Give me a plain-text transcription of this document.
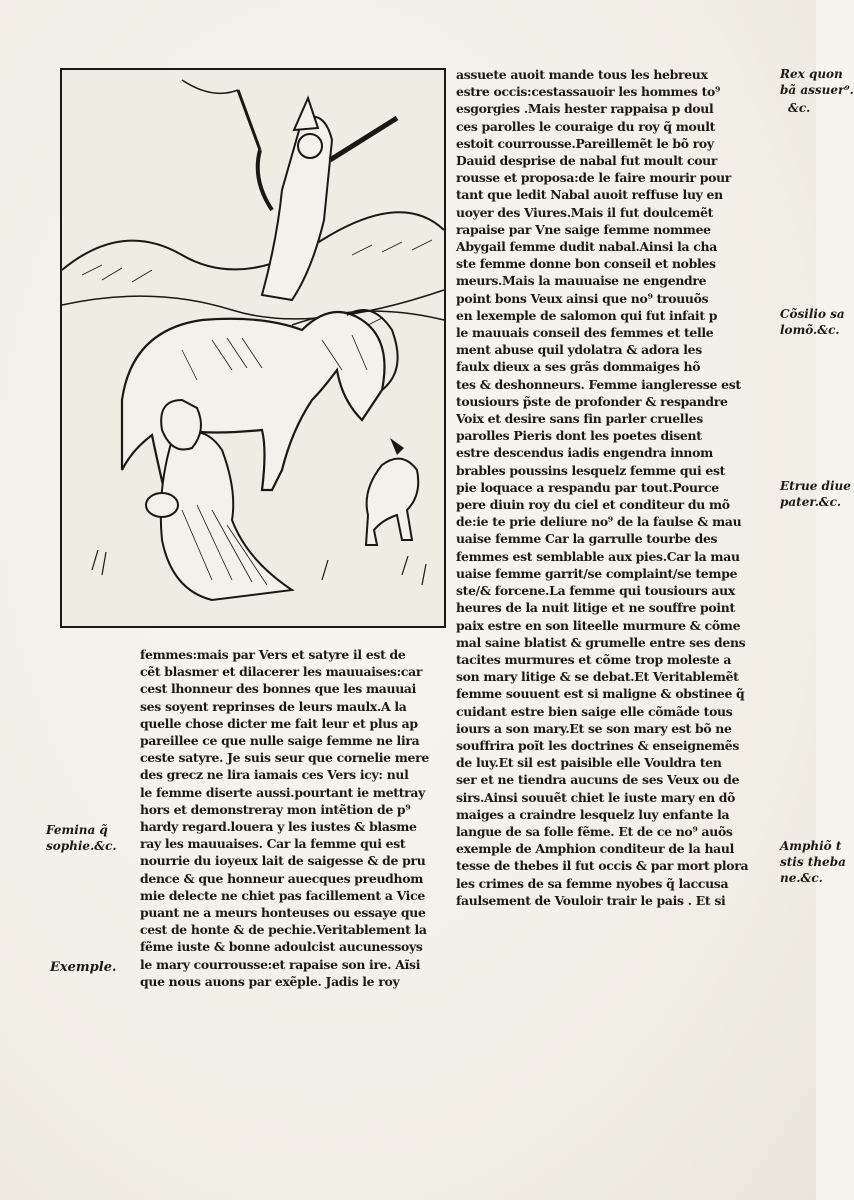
assuete auoit mande tous les hebreux
estre occis:cestassauoir les hommes to⁹
esgorgies .Mais hester rappaisa p doul
ces parolles le couraige du roy q̃ moult
estoit courrousse.Pareillemẽt le bõ roy
Dauid desprise de nabal fut moult cour
rousse et proposa:de le faire mourir pour
tant que ledit Nabal auoit reffuse luy en
uoyer des Viures.Mais il fut doulcemẽt
rapaise par Vne saige femme nommee
Abygail femme dudit nabal.Ainsi la cha
ste femme donne bon conseil et nobles
meurs.Mais la mauuaise ne engendre
point bons Veux ainsi que no⁹ trouuõs
en lexemple de salomon qui fut infait p
le mauuais conseil des femmes et telle
ment abuse quil ydolatra & adora les
faulx dieux a ses grãs dommaiges hõ
tes & deshonneurs. Femme iangleresse est
tousiours p̃ste de profonder & respandre
Voix et desire sans fin parler cruelles
parolles Pieris dont les poetes disent
estre descendus iadis engendra innom
brables poussins lesquelz femme qui est
pie loquace a respandu par tout.Pource
pere diuin roy du ciel et conditeur du mõ
de:ie te prie deliure no⁹ de la faulse & mau
uaise femme Car la garrulle tourbe des
femmes est semblable aux pies.Car la mau
uaise femme garrit/se complaint/se tempe
ste/& forcene.La femme qui tousiours aux
heures de la nuit litige et ne souffre point
paix estre en son liteelle murmure & cõme
mal saine blatist & grumelle entre ses dens
tacites murmures et cõme trop moleste a
son mary litige & se debat.Et Veritablemẽt
femme souuent est si maligne & obstinee q̃
cuidant estre bien saige elle cõmãde tous
iours a son mary.Et se son mary est bõ ne
souffrira poĩt les doctrines & enseignemẽs
de luy.Et sil est paisible elle Vouldra ten
ser et ne tiendra aucuns de ses Veux ou de
sirs.Ainsi souuẽt chiet le iuste mary en dõ
maiges a craindre lesquelz luy enfante la
langue de sa folle fẽme. Et de ce no⁹ auõs
exemple de Amphion conditeur de la haul
tesse de thebes il fut occis & par mort plora
les crimes de sa femme nyobes q̃ laccusa
faulsement de Vouloir trair le pais . Et si
femmes:mais par Vers et satyre il est de
cẽt blasmer et dilacerer les mauuaises:car
cest lhonneur des bonnes que les mauuai
ses soyent reprinses de leurs maulx.A la
quelle chose dicter me fait leur et plus ap
pareillee ce que nulle saige femme ne lira
ceste satyre. Je suis seur que cornelie mere
des grecz ne lira iamais ces Vers icy: nul
le femme diserte aussi.pourtant ie mettray
hors et demonstreray mon intẽtion de p⁹
hardy regard.louera y les iustes & blasme
ray les mauuaises. Car la femme qui est
nourrie du ioyeux lait de saigesse & de pru
dence & que honneur auecques preudhom
mie delecte ne chiet pas facillement a Vice
puant ne a meurs honteuses ou essaye que
cest de honte & de pechie.Veritablement la
fẽme iuste & bonne adoulcist aucunessoys
le mary courrousse:et rapaise son ire. Aĩsi
que nous auons par exẽple. Jadis le roy
Rex quon
bã assuer⁹.
&c.
Cõsilio sa
lomõ.&c.
Etrue diue
pater.&c.
Amphiõ t
stis theba
ne.&c.
Femina q̃
sophie.&c.
Exemple.
